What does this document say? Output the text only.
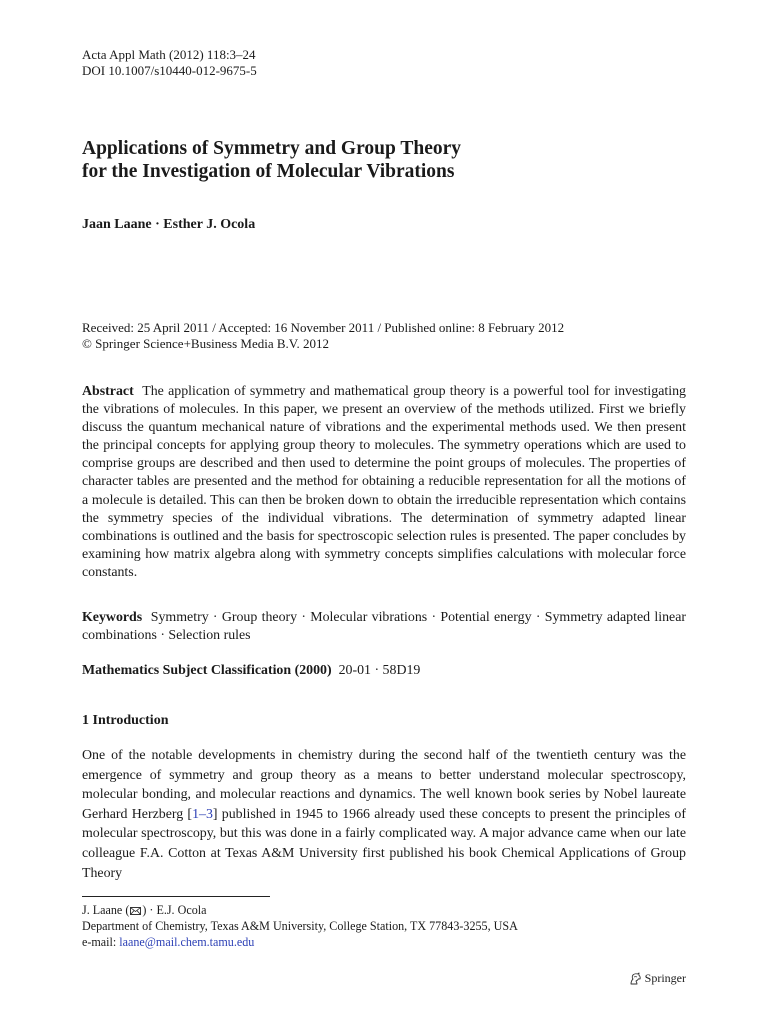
Acta Appl Math (2012) 118:3–24
DOI 10.1007/s10440-012-9675-5
Applications of Symmetry and Group Theory
for the Investigation of Molecular Vibrations
Jaan Laane · Esther J. Ocola
Received: 25 April 2011 / Accepted: 16 November 2011 / Published online: 8 February 2012
© Springer Science+Business Media B.V. 2012
Abstract The application of symmetry and mathematical group theory is a powerful tool for investigating the vibrations of molecules. In this paper, we present an overview of the methods utilized. First we briefly discuss the quantum mechanical nature of vibrations and the experimental methods used. We then present the principal concepts for applying group theory to molecules. The symmetry operations which are used to comprise groups are described and then used to determine the point groups of molecules. The properties of character tables are presented and the method for obtaining a reducible representation for all the motions of a molecule is detailed. This can then be broken down to obtain the irreducible representation which contains the symmetry species of the individual vibrations. The determination of symmetry adapted linear combinations is outlined and the basis for spectroscopic selection rules is presented. The paper concludes by examining how matrix algebra along with symmetry concepts simplifies calculations with molecular force constants.
Keywords Symmetry · Group theory · Molecular vibrations · Potential energy · Symmetry adapted linear combinations · Selection rules
Mathematics Subject Classification (2000) 20-01 · 58D19
1 Introduction
One of the notable developments in chemistry during the second half of the twentieth century was the emergence of symmetry and group theory as a means to better understand molecular spectroscopy, molecular bonding, and molecular reactions and dynamics. The well known book series by Nobel laureate Gerhard Herzberg [1–3] published in 1945 to 1966 already used these concepts to present the principles of molecular spectroscopy, but this was done in a fairly complicated way. A major advance came when our late colleague F.A. Cotton at Texas A&M University first published his book Chemical Applications of Group Theory
J. Laane ( ) · E.J. Ocola
Department of Chemistry, Texas A&M University, College Station, TX 77843-3255, USA
e-mail: laane@mail.chem.tamu.edu
Springer
